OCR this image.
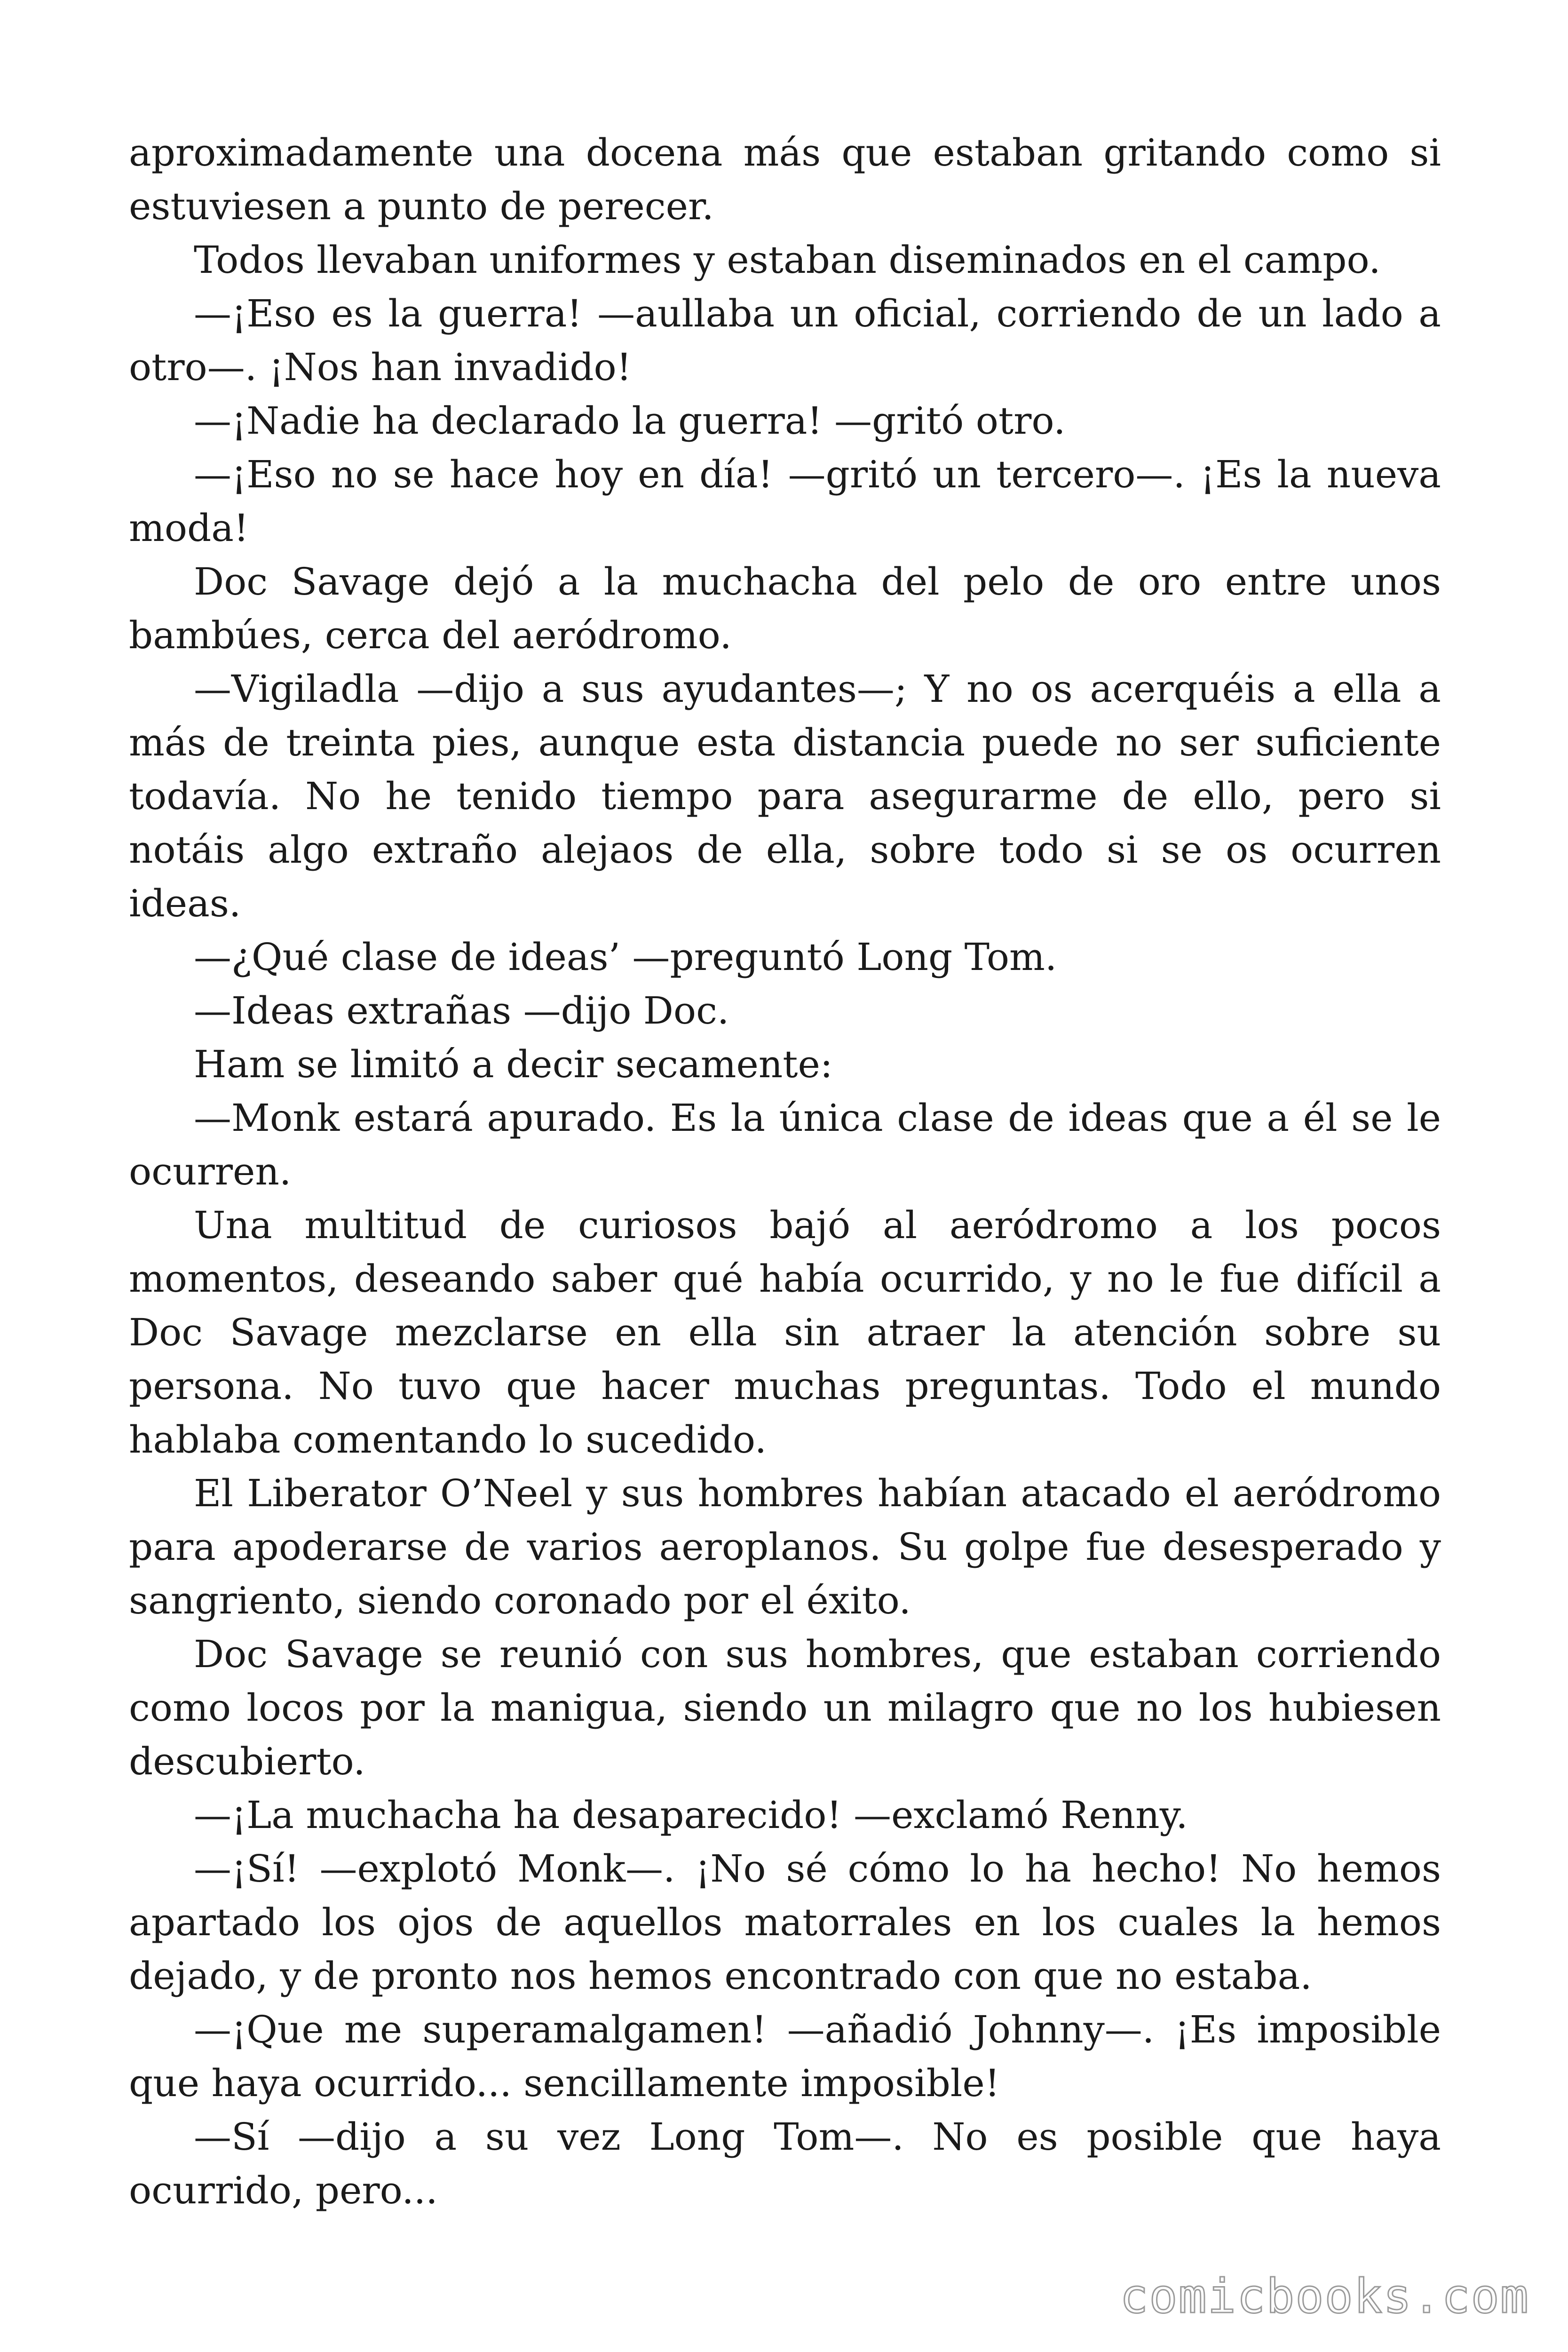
aproximadamente una docena más que estaban gritando como si estuviesen a punto de perecer.

Todos llevaban uniformes y estaban diseminados en el campo.

—¡Eso es la guerra! —aullaba un oficial, corriendo de un lado a otro—. ¡Nos han invadido!

—¡Nadie ha declarado la guerra! —gritó otro.

—¡Eso no se hace hoy en día! —gritó un tercero—. ¡Es la nueva moda!

Doc Savage dejó a la muchacha del pelo de oro entre unos bambúes, cerca del aeródromo.

—Vigiladla —dijo a sus ayudantes—; Y no os acerquéis a ella a más de treinta pies, aunque esta distancia puede no ser suficiente todavía. No he tenido tiempo para asegurarme de ello, pero si notáis algo extraño alejaos de ella, sobre todo si se os ocurren ideas.

—¿Qué clase de ideas’ —preguntó Long Tom.

—Ideas extrañas —dijo Doc.

Ham se limitó a decir secamente:

—Monk estará apurado. Es la única clase de ideas que a él se le ocurren.

Una multitud de curiosos bajó al aeródromo a los pocos momentos, deseando saber qué había ocurrido, y no le fue difícil a Doc Savage mezclarse en ella sin atraer la atención sobre su persona. No tuvo que hacer muchas preguntas. Todo el mundo hablaba comentando lo sucedido.

El Liberator O’Neel y sus hombres habían atacado el aeródromo para apoderarse de varios aeroplanos. Su golpe fue desesperado y sangriento, siendo coronado por el éxito.

Doc Savage se reunió con sus hombres, que estaban corriendo como locos por la manigua, siendo un milagro que no los hubiesen descubierto.

—¡La muchacha ha desaparecido! —exclamó Renny.

—¡Sí! —explotó Monk—. ¡No sé cómo lo ha hecho! No hemos apartado los ojos de aquellos matorrales en los cuales la hemos dejado, y de pronto nos hemos encontrado con que no estaba.

—¡Que me superamalgamen! —añadió Johnny—. ¡Es imposible que haya ocurrido... sencillamente imposible!

—Sí —dijo a su vez Long Tom—. No es posible que haya ocurrido, pero...

comicbooks.com
